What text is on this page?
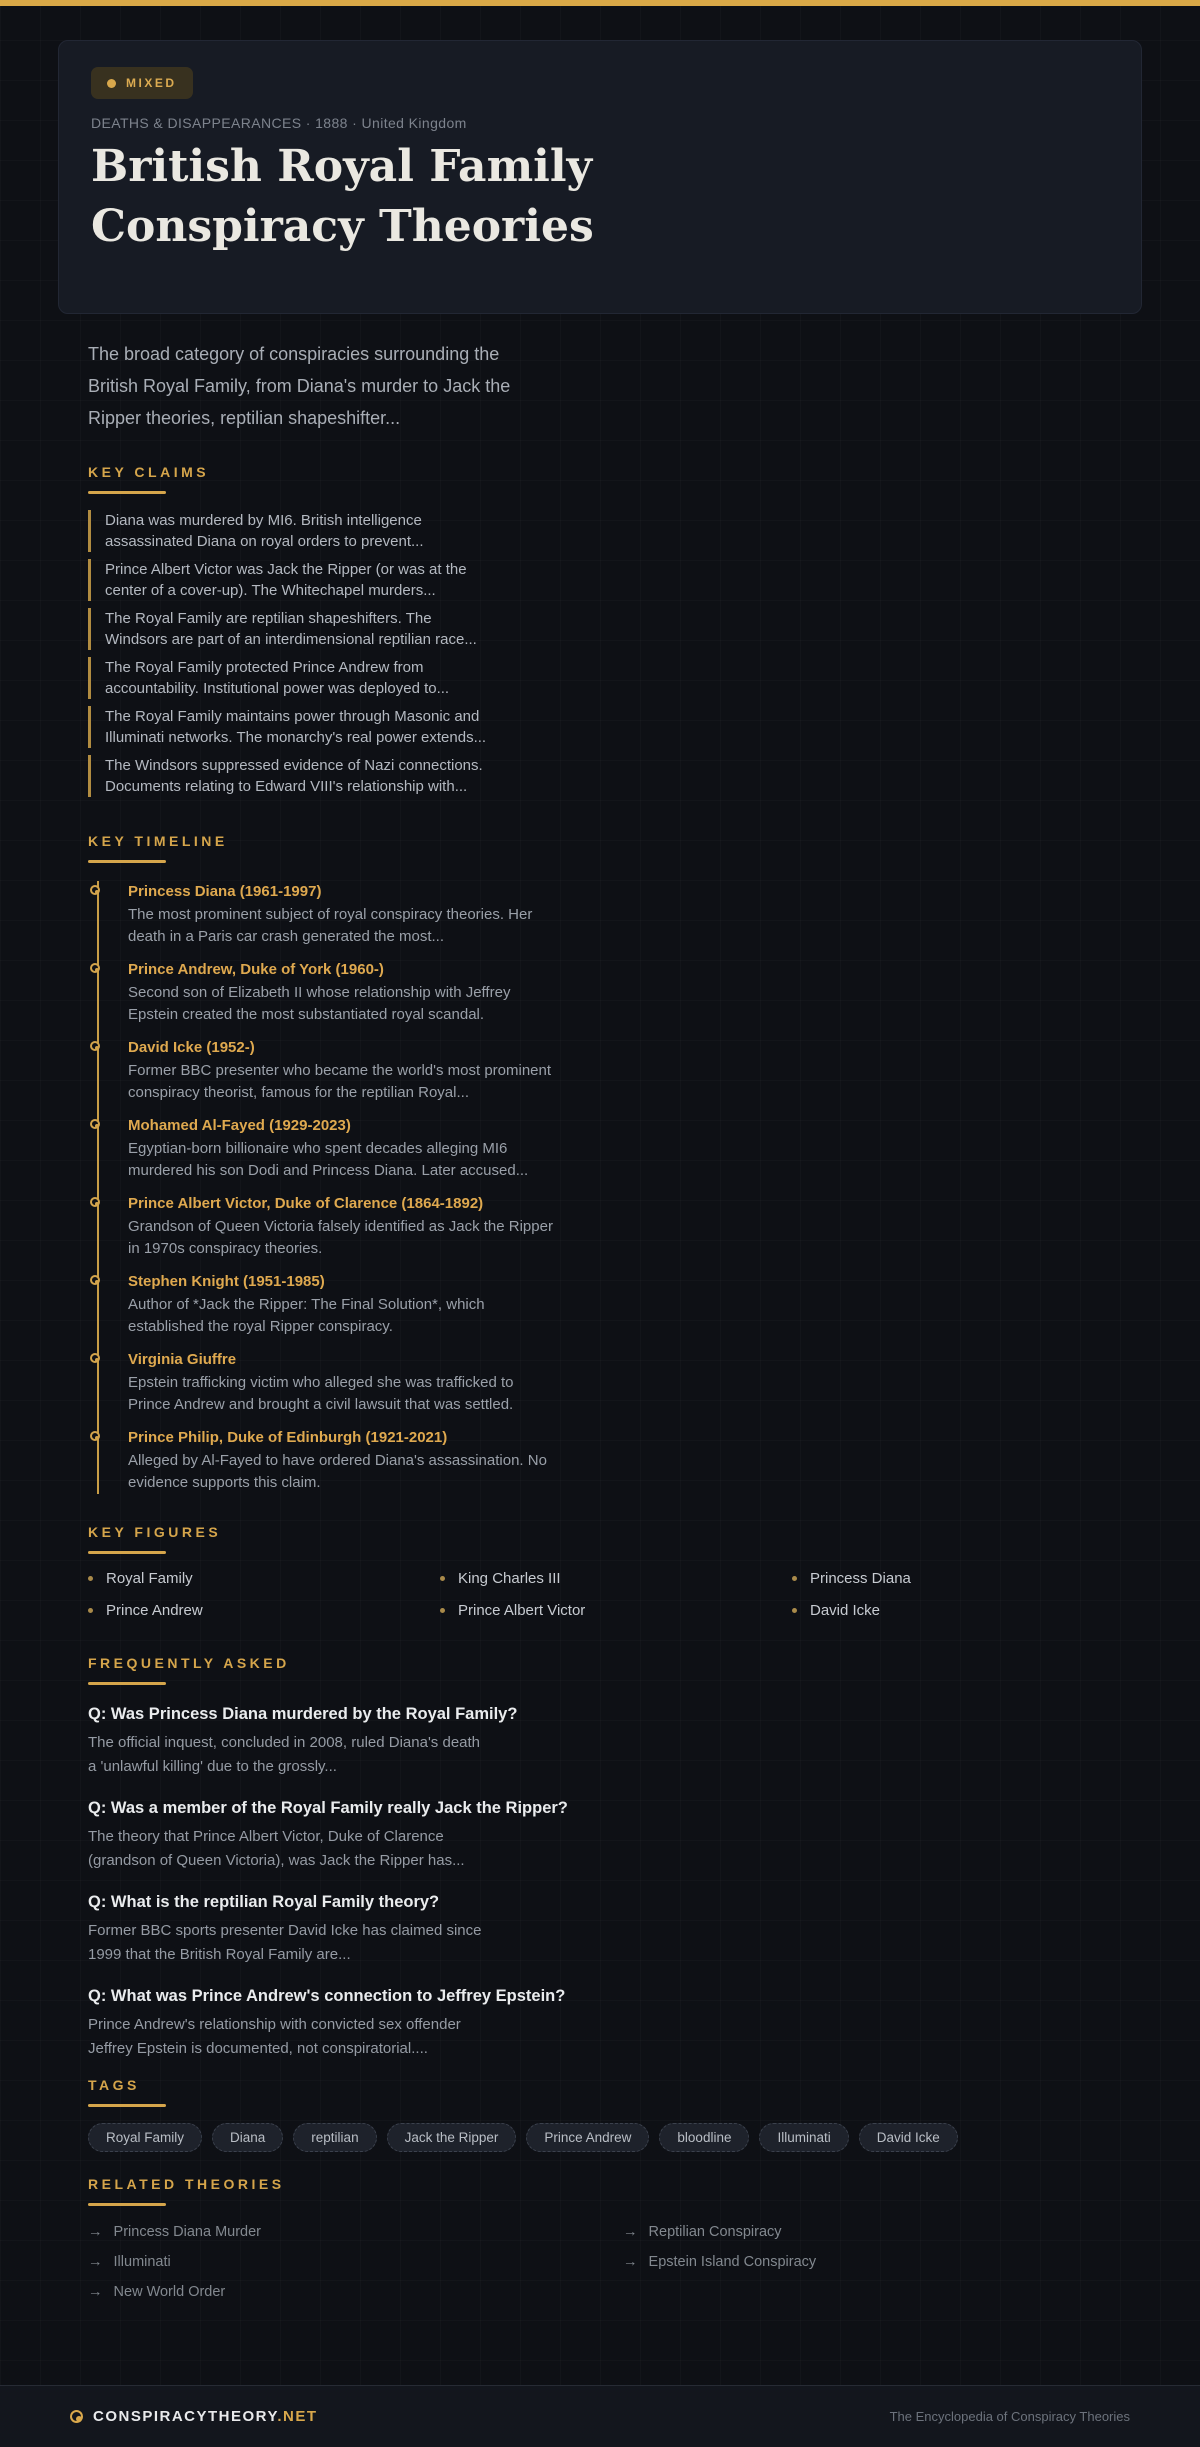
MIXED
DEATHS & DISAPPEARANCES · 1888 · United Kingdom
British Royal Family
Conspiracy Theories

The broad category of conspiracies surrounding the British Royal Family, from Diana's murder to Jack the Ripper theories, reptilian shapeshifter...

KEY CLAIMS
Diana was murdered by MI6. British intelligence assassinated Diana on royal orders to prevent...
Prince Albert Victor was Jack the Ripper (or was at the center of a cover-up). The Whitechapel murders...
The Royal Family are reptilian shapeshifters. The Windsors are part of an interdimensional reptilian race...
The Royal Family protected Prince Andrew from accountability. Institutional power was deployed to...
The Royal Family maintains power through Masonic and Illuminati networks. The monarchy's real power extends...
The Windsors suppressed evidence of Nazi connections. Documents relating to Edward VIII's relationship with...
KEY TIMELINE
Princess Diana (1961-1997)
The most prominent subject of royal conspiracy theories. Her death in a Paris car crash generated the most...
Prince Andrew, Duke of York (1960-)
Second son of Elizabeth II whose relationship with Jeffrey Epstein created the most substantiated royal scandal.
David Icke (1952-)
Former BBC presenter who became the world's most prominent conspiracy theorist, famous for the reptilian Royal...
Mohamed Al-Fayed (1929-2023)
Egyptian-born billionaire who spent decades alleging MI6 murdered his son Dodi and Princess Diana. Later accused...
Prince Albert Victor, Duke of Clarence (1864-1892)
Grandson of Queen Victoria falsely identified as Jack the Ripper in 1970s conspiracy theories.
Stephen Knight (1951-1985)
Author of *Jack the Ripper: The Final Solution*, which established the royal Ripper conspiracy.
Virginia Giuffre
Epstein trafficking victim who alleged she was trafficked to Prince Andrew and brought a civil lawsuit that was settled.
Prince Philip, Duke of Edinburgh (1921-2021)
Alleged by Al-Fayed to have ordered Diana's assassination. No evidence supports this claim.
KEY FIGURES
Royal Family	King Charles III	Princess Diana
Prince Andrew	Prince Albert Victor	David Icke
FREQUENTLY ASKED
Q: Was Princess Diana murdered by the Royal Family?
The official inquest, concluded in 2008, ruled Diana's death a 'unlawful killing' due to the grossly...
Q: Was a member of the Royal Family really Jack the Ripper?
The theory that Prince Albert Victor, Duke of Clarence (grandson of Queen Victoria), was Jack the Ripper has...
Q: What is the reptilian Royal Family theory?
Former BBC sports presenter David Icke has claimed since 1999 that the British Royal Family are...
Q: What was Prince Andrew's connection to Jeffrey Epstein?
Prince Andrew's relationship with convicted sex offender Jeffrey Epstein is documented, not conspiratorial....
TAGS
Royal Family	Diana	reptilian	Jack the Ripper	Prince Andrew	bloodline	Illuminati	David Icke
RELATED THEORIES
→ Princess Diana Murder	→ Reptilian Conspiracy
→ Illuminati	→ Epstein Island Conspiracy
→ New World Order
CONSPIRACYTHEORY.NET	The Encyclopedia of Conspiracy Theories
